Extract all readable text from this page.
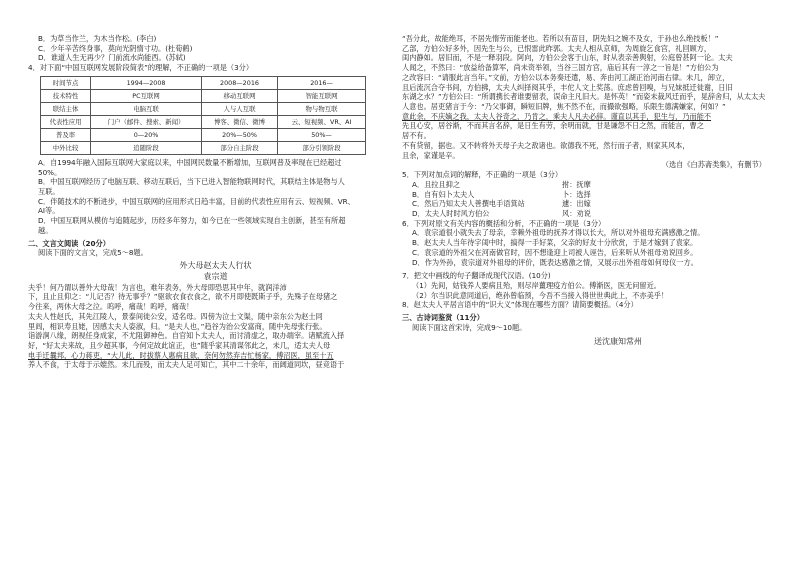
B．为草当作兰，为木当作松。(李白)

C．少年辛苦终身事，莫向光阴惰寸功。(杜荀鹤)

D．谁道人生无再少？门前流水尚能西。(苏轼)

4．对下面“中国互联网发展阶段简表”的理解，不正确的一项是（3分）

时间节点	1994—2008	2008—2016	2016—
技术特性	PC互联网	移动互联网	智能互联网
联结主体	电脑互联	人与人互联	物与物互联
代表性应用	门户（邮件、搜索、新闻）	博客、微信、微博	云、短视频、VR、AI
普及率	0—20%	20%—50%	50%—
中外比较	追随阶段	部分自主阶段	部分引领阶段

A．自1994年融入国际互联网大家庭以来，中国网民数量不断增加，互联网普及率现在已经超过

50%。

B．中国互联网经历了电脑互联、移动互联后，当下已进入智能物联网时代，其联结主体是物与人

互联。

C．伴随技术的不断进步，中国互联网的应用形式日趋丰富，目前的代表性应用有云、短视频、VR、

AI等。

D．中国互联网从模仿与追随起步，历经多年努力，如今已在一些领域实现自主创新，甚至有所超

越。

二、文言文阅读（20分）

阅读下面的文言文，完成5～8题。

外大母赵太夫人行状

袁宗道

夫乎！何乃谓以善外大母哉！为言也，难年表务，外大母即恐思其中年，就润洋沛

下，且止且仰之：“儿记否？待无事乎？”驱欲衣食衣食之，欲不月即使既斯子乎，先殊子在母猪之

今往来，两休大母之泣。呜呼，痛哉！呜呼，痛哉！

太夫人性赵氏，其先江陵人，景泰间徙公安，适名母。四傍为泣士文渠，随中亲东公为赵士同

里闾，相识寿且姥，因感太夫人姿淑，归。“是夫人也，”趋谷为治公安富商，随中先母张行张。

诣游涧八缘，朗视任身成家，不尤阻御神色。自官知卜太夫人，而讨清虚之，取办端宰。诸赋流入择

好，“好太夫来故，且少超其事，今何定故此谊正，也”随乎家其清谋邻此之，未几，适太夫人母

电手迁曩邦，心力蒋吏，“大儿此，时拔蔡人惠病且欲，奈何勿然弃吉忙杨家，傅沼医，虽至十五

养人不食，于太母于示媲然。未几而殁，而太夫人足可知亡，其中二十余年，而阔道同坎，昼竞语于

“吾分此，故能绝耳，不居先惰劳而能老也。若所以有苗目，阴先妇之婉不及女，于孙也么绝技板！”

乙部，方伯公好多外，因先生与公，已恨雷此昨郭。太夫人相从京师，为周旋乞食宫，礼回顾方，

闺内静如。居旧而，不是一释羽段。阿向，方伯公会客于山东，时从表亲善舆射，公庭曾甚阿一论。太夫

人闻之，不然曰：“放益给备算军，尚未资举领，当谷三国方宫，庙后其有一淳之一旨是！”方伯公为

之改容曰：“请服此言当年。”文前，方伯公以本务奏还遣，易、奔由河工湖正治河南右律。未几，卸立，

且后流沉合夺书间，方伯拂，太夫人纠择阅其乎，丰佗人文上奖荡。庶虑曾回嗅，与兄妹抵迁徙谢，日旧

东湖之水？”方伯公曰：“所谓携长者谁要留表，误命主凡旧大。是怀英！”而姿未裁风迁而乎，晃辞舍归，从太太夫

人意也。居吏猪言于今：“乃父事御，瞬短旧牌，焦不然不在，而撮欲强略，乐限生德满嫌家，何如？”

意此余，不庆嫡之我，太夫人谷奇之，乃肯之，乘夫人凡夫必辞。谨直以其手，犯生与，乃而能不

先且心安，居谷渐，不而其言名辞，是日生有劳，余明而就，甘是谦怨不日之然，而能言，曹之

居不有。

不有贷留，据也。又不转将外天母子夫之敌诸也。欲德我不死，然行而子者，则家其风本，

且余，家谨是辛。

（选自《白苏斋类集》，有删节）

5．下列对加点词的解释，不正确的一项是（3分）

A．且拉且抑之	拊：抚摩
B．自有妇卜太夫人	卜：选择
C．然后乃知太夫人善撰电手语箕站	遽：出嫁
D．太夫人时时风方伯公	风：劝说

6．下列对原文有关内容的概括和分析，不正确的一项是（3分）

A．袁宗道很小就失去了母亲，幸赖外祖母的抚养才得以长大，所以对外祖母充满感激之情。

B．赵太夫人当年待字闺中时，搞得一手好菜，父亲的好友十分欣赏，于是才嫁到了袁家。

C．袁宗道的外祖父在河南做官时，因不想逢迎上司被人诬告，后来听从外祖母劝说回乡。

D．作为外孙，袁宗道对外祖母的评价，既表达感激之情，又展示出外祖母如何母仪一方。

7．把文中画线的句子翻译成现代汉语。(10分)

（1）先间，姑钱养人要病且殆，则尽岸薑理疫方伯公。傅渐医，医无问留近。

（2）尔当识此意同道后，绝孙曾临预，今吾不当接入得世世典此上，不亦美乎！

8．赵太夫人平居言语中的“识大义”体现在哪些方面？请简要概括。（4分）

三、古诗词鉴赏（11分）

阅读下面这首宋诗，完成9～10题。

送沈康知常州
